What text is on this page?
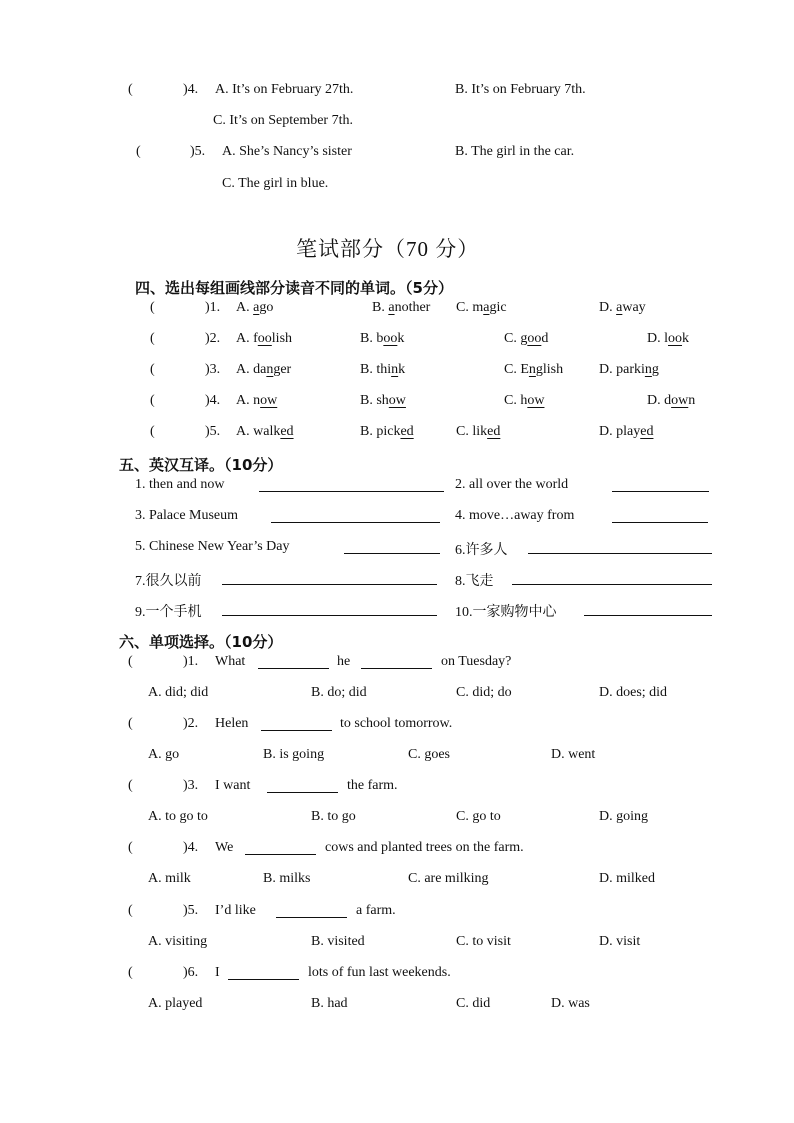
(	)4. A. It’s on February 27th.	B. It’s on February 7th.
C. It’s on September 7th.
(	)5. A. She’s Nancy’s sister	B. The girl in the car.
C. The girl in blue.
笔试部分（70 分）
四、选出每组画线部分读音不同的单词。（5分）
(	)1. A. ago	B. another C. magic	D. away
(	)2. A. foolish	B. book	C. good	D. look
(	)3. A. danger	B. think	C. English	D. parking
(	)4. A. now	B. show	C. how	D. down
(	)5. A. walked	B. picked	C. liked	D. played
五、英汉互译。（10分）
1. then and now	2. all over the world
3. Palace Museum	4. move…away from
5. Chinese New Year’s Day	6.许多人
7.很久以前	8.飞走
9.一个手机	10.一家购物中心
六、单项选择。（10分）
(	)1. What	he	on Tuesday?
A. did; did	B. do; did	C. did; do	D. does; did
(	)2. Helen	to school tomorrow.
A. go	B. is going	C. goes	D. went
(	)3. I want	the farm.
A. to go to	B. to go	C. go to	D. going
(	)4. We	cows and planted trees on the farm.
A. milk	B. milks	C. are milking	D. milked
(	)5. I’d like	a farm.
A. visiting	B. visited	C. to visit	D. visit
(	)6. I	lots of fun last weekends.
A. played	B. had	C. did	D. was
